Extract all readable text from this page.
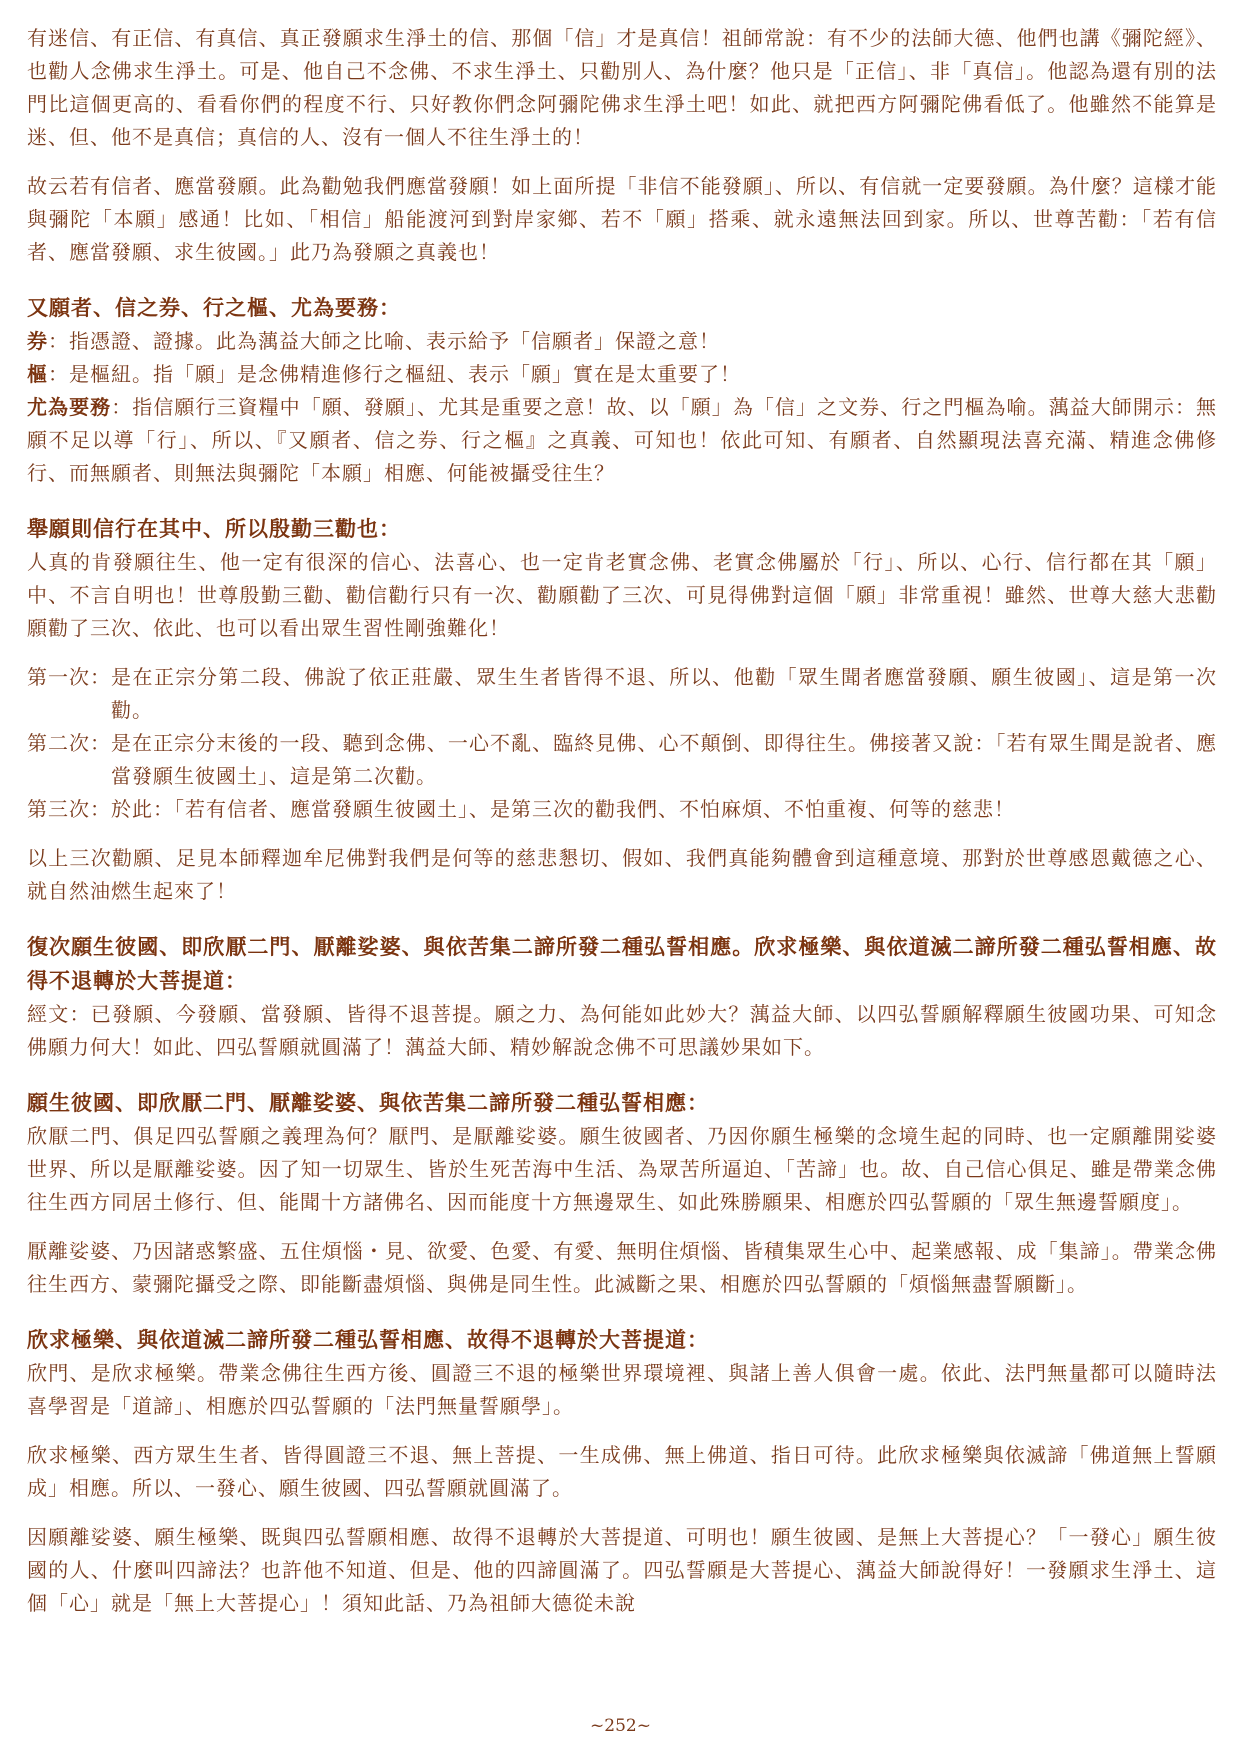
有迷信、有正信、有真信、真正發願求生淨土的信、那個「信」才是真信！祖師常說：有不少的法師大德、他們也講《彌陀經》、也勸人念佛求生淨土。可是、他自己不念佛、不求生淨土、只勸別人、為什麼？他只是「正信」、非「真信」。他認為還有別的法門比這個更高的、看看你們的程度不行、只好教你們念阿彌陀佛求生淨土吧！如此、就把西方阿彌陀佛看低了。他雖然不能算是迷、但、他不是真信；真信的人、沒有一個人不往生淨土的！

故云若有信者、應當發願。此為勸勉我們應當發願！如上面所提「非信不能發願」、所以、有信就一定要發願。為什麼？這樣才能與彌陀「本願」感通！比如、「相信」船能渡河到對岸家鄉、若不「願」搭乘、就永遠無法回到家。所以、世尊苦勸：「若有信者、應當發願、求生彼國。」此乃為發願之真義也！

又願者、信之券、行之樞、尤為要務：

券：指憑證、證據。此為蕅益大師之比喻、表示給予「信願者」保證之意！

樞：是樞紐。指「願」是念佛精進修行之樞紐、表示「願」實在是太重要了！

尤為要務：指信願行三資糧中「願、發願」、尤其是重要之意！故、以「願」為「信」之文券、行之門樞為喻。蕅益大師開示：無願不足以導「行」、所以、『又願者、信之券、行之樞』之真義、可知也！依此可知、有願者、自然顯現法喜充滿、精進念佛修行、而無願者、則無法與彌陀「本願」相應、何能被攝受往生？

舉願則信行在其中、所以殷勤三勸也：

人真的肯發願往生、他一定有很深的信心、法喜心、也一定肯老實念佛、老實念佛屬於「行」、所以、心行、信行都在其「願」中、不言自明也！世尊殷勤三勸、勸信勸行只有一次、勸願勸了三次、可見得佛對這個「願」非常重視！雖然、世尊大慈大悲勸願勸了三次、依此、也可以看出眾生習性剛強難化！

第一次： 是在正宗分第二段、佛說了依正莊嚴、眾生生者皆得不退、所以、他勸「眾生聞者應當發願、願生彼國」、這是第一次勸。
第二次： 是在正宗分末後的一段、聽到念佛、一心不亂、臨終見佛、心不顛倒、即得往生。佛接著又說：「若有眾生聞是說者、應當發願生彼國土」、這是第二次勸。
第三次： 於此：「若有信者、應當發願生彼國土」、是第三次的勸我們、不怕麻煩、不怕重複、何等的慈悲！

以上三次勸願、足見本師釋迦牟尼佛對我們是何等的慈悲懇切、假如、我們真能夠體會到這種意境、那對於世尊感恩戴德之心、就自然油燃生起來了！

復次願生彼國、即欣厭二門、厭離娑婆、與依苦集二諦所發二種弘誓相應。欣求極樂、與依道滅二諦所發二種弘誓相應、故得不退轉於大菩提道：

經文：已發願、今發願、當發願、皆得不退菩提。願之力、為何能如此妙大？蕅益大師、以四弘誓願解釋願生彼國功果、可知念佛願力何大！如此、四弘誓願就圓滿了！蕅益大師、精妙解說念佛不可思議妙果如下。

願生彼國、即欣厭二門、厭離娑婆、與依苦集二諦所發二種弘誓相應：

欣厭二門、俱足四弘誓願之義理為何？厭門、是厭離娑婆。願生彼國者、乃因你願生極樂的念境生起的同時、也一定願離開娑婆世界、所以是厭離娑婆。因了知一切眾生、皆於生死苦海中生活、為眾苦所逼迫、「苦諦」也。故、自己信心俱足、雖是帶業念佛往生西方同居土修行、但、能聞十方諸佛名、因而能度十方無邊眾生、如此殊勝願果、相應於四弘誓願的「眾生無邊誓願度」。

厭離娑婆、乃因諸惑繁盛、五住煩惱・見、欲愛、色愛、有愛、無明住煩惱、皆積集眾生心中、起業感報、成「集諦」。帶業念佛往生西方、蒙彌陀攝受之際、即能斷盡煩惱、與佛是同生性。此滅斷之果、相應於四弘誓願的「煩惱無盡誓願斷」。

欣求極樂、與依道滅二諦所發二種弘誓相應、故得不退轉於大菩提道：

欣門、是欣求極樂。帶業念佛往生西方後、圓證三不退的極樂世界環境裡、與諸上善人俱會一處。依此、法門無量都可以隨時法喜學習是「道諦」、相應於四弘誓願的「法門無量誓願學」。

欣求極樂、西方眾生生者、皆得圓證三不退、無上菩提、一生成佛、無上佛道、指日可待。此欣求極樂與依滅諦「佛道無上誓願成」相應。所以、一發心、願生彼國、四弘誓願就圓滿了。

因願離娑婆、願生極樂、既與四弘誓願相應、故得不退轉於大菩提道、可明也！願生彼國、是無上大菩提心？「一發心」願生彼國的人、什麼叫四諦法？也許他不知道、但是、他的四諦圓滿了。四弘誓願是大菩提心、蕅益大師說得好！一發願求生淨土、這個「心」就是「無上大菩提心」！須知此話、乃為祖師大德從未說

~252~
